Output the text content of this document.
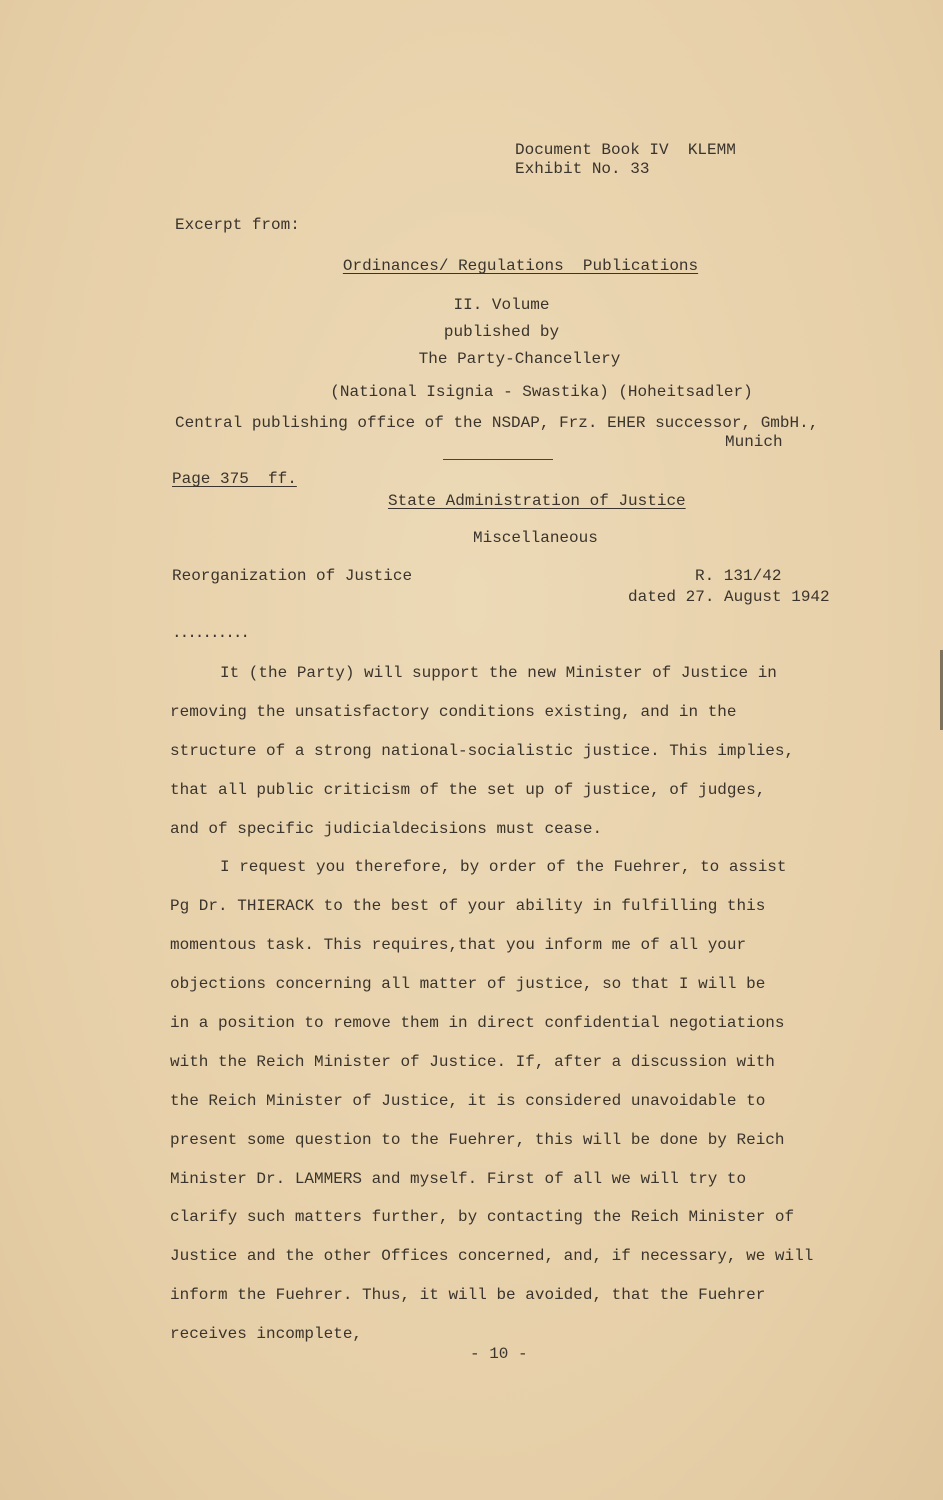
Document Book IV  KLEMM
Exhibit No. 33
Excerpt from:
Ordinances/ Regulations  Publications
II. Volume
published by
The Party-Chancellery
(National Isignia - Swastika) (Hoheitsadler)
Central publishing office of the NSDAP, Frz. EHER successor, GmbH.,
Munich
Page 375  ff.
State Administration of Justice
Miscellaneous
Reorganization of Justice	R. 131/42
dated 27. August 1942
..........
It (the Party) will support the new Minister of Justice in
removing the unsatisfactory conditions existing, and in the
structure of a strong national-socialistic justice. This implies,
that all public criticism of the set up of justice, of judges,
and of specific judicialdecisions must cease.
I request you therefore, by order of the Fuehrer, to assist
Pg Dr. THIERACK to the best of your ability in fulfilling this
momentous task. This requires,that you inform me of all your
objections concerning all matter of justice, so that I will be
in a position to remove them in direct confidential negotiations
with the Reich Minister of Justice. If, after a discussion with
the Reich Minister of Justice, it is considered unavoidable to
present some question to the Fuehrer, this will be done by Reich
Minister Dr. LAMMERS and myself. First of all we will try to
clarify such matters further, by contacting the Reich Minister of
Justice and the other Offices concerned, and, if necessary, we will
inform the Fuehrer. Thus, it will be avoided, that the Fuehrer
receives incomplete,
- 10 -
